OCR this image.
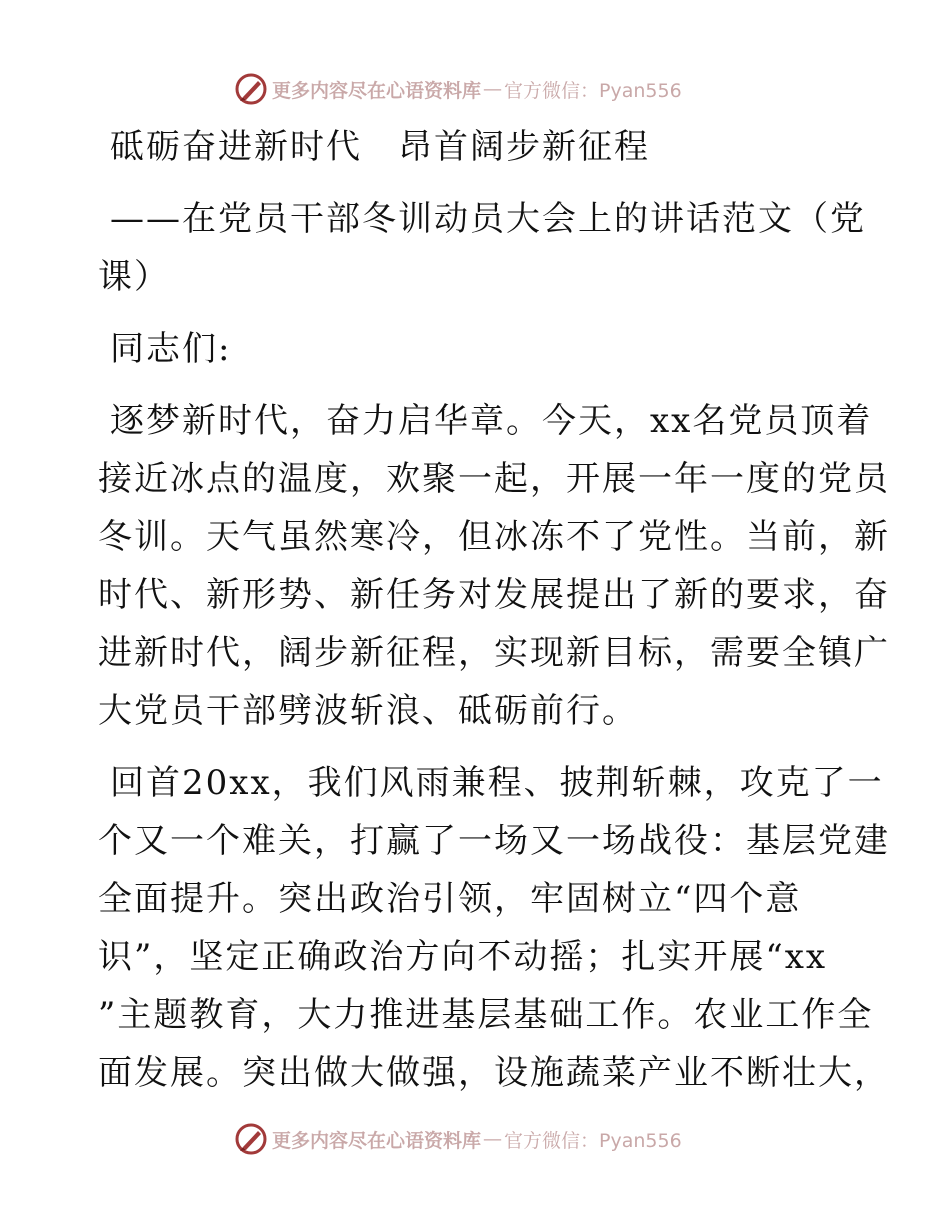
更多内容尽在心语资料库 — 官方微信：Pyan556
砥砺奋进新时代　昂首阔步新征程
——在党员干部冬训动员大会上的讲话范文（党
课）
同志们:
逐梦新时代，奋力启华章。今天，xx名党员顶着
接近冰点的温度，欢聚一起，开展一年一度的党员
冬训。天气虽然寒冷，但冰冻不了党性。当前，新
时代、新形势、新任务对发展提出了新的要求，奋
进新时代，阔步新征程，实现新目标，需要全镇广
大党员干部劈波斩浪、砥砺前行。
回首20xx，我们风雨兼程、披荆斩棘，攻克了一
个又一个难关，打赢了一场又一场战役：基层党建
全面提升。突出政治引领，牢固树立“四个意
识”，坚定正确政治方向不动摇；扎实开展“xx
”主题教育，大力推进基层基础工作。农业工作全
面发展。突出做大做强，设施蔬菜产业不断壮大，
更多内容尽在心语资料库 — 官方微信：Pyan556
